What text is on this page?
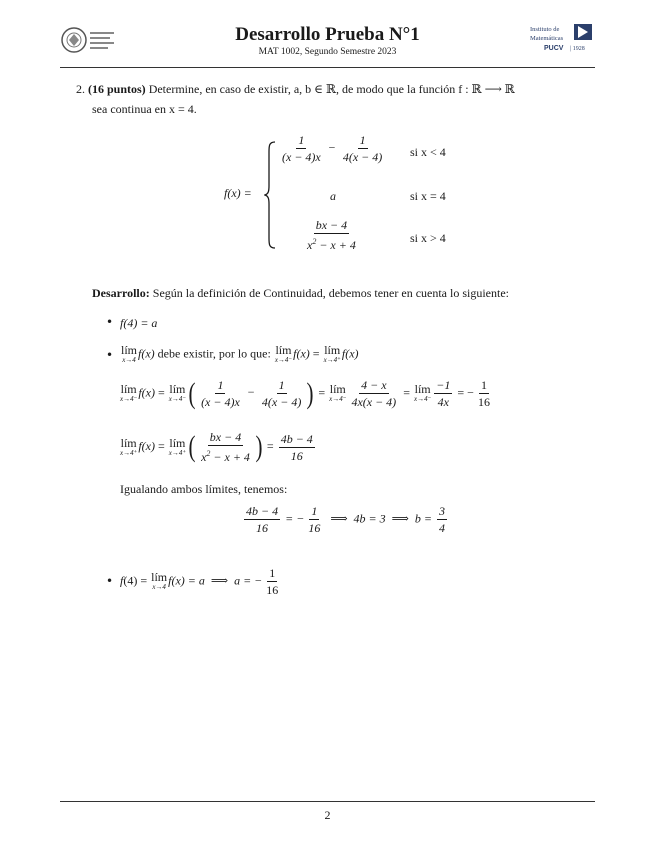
Desarrollo Prueba N°1
MAT 1002, Segundo Semestre 2023
Instituto de
Matemáticas
PUCV | 1928
2. (16 puntos) Determine, en caso de existir, a, b ∈ ℝ, de modo que la función f : ℝ ⟶ ℝ
sea continua en x = 4.
f(x) =
$\frac{1}{(x - 4)x} - \frac{1}{4(x - 4)}$ si x < 4
a	si x = 4
$\frac{bx - 4}{x^2 - x + 4}$	si x > 4
Desarrollo: Según la definición de Continuidad, debemos tener en cuenta lo siguiente:
• f(4) = a
• lím
x→4 f(x) debe existir, por lo que: lím
x→4⁻ f(x) = lím
x→4⁺ f(x)
lím
x→4⁻ f(x) = lím
x→4⁻ ( $\frac{1}{(x - 4)x} - \frac{1}{4(x - 4)}$ ) = lím
$x\to 4^- \frac{4 - x}{4x(x - 4)}$ = lím
$x\to 4^- \frac{-1}{4x}$ = − $\frac{1}{16}$
lím
x→4⁺ f(x) = lím
x→4⁺ ( $\frac{bx - 4}{x^2 - x + 4}$ ) = $\frac{4b - 4}{16}$
Igualando ambos límites, tenemos:
$\frac{4b - 4}{16}$ = − $\frac{1}{16}$ ⟹  4b = 3  ⟹  $b = \frac{3}{4}$
• f(4) = lím
x→4 f(x) = a  ⟹  a = − $\frac{1}{16}$
2
